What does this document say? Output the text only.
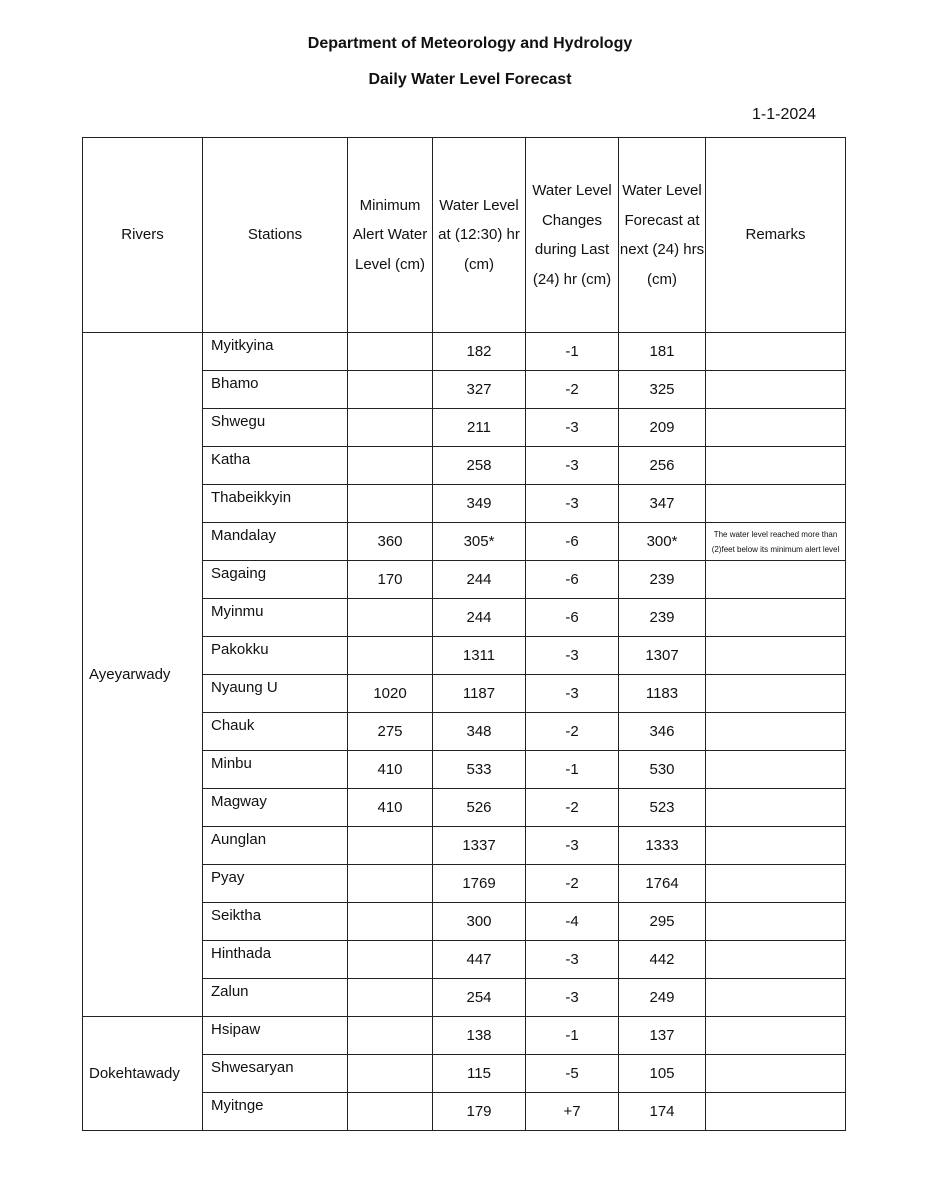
Department of Meteorology and Hydrology
Daily Water Level Forecast
1-1-2024
Rivers	Stations	Minimum Alert Water Level (cm)	Water Level at (12:30) hr (cm)	Water Level Changes during Last (24) hr (cm)	Water Level Forecast at next (24) hrs (cm)	Remarks
Ayeyarwady	Myitkyina		182	-1	181	
	Bhamo		327	-2	325	
	Shwegu		211	-3	209	
	Katha		258	-3	256	
	Thabeikkyin		349	-3	347	
	Mandalay	360	305*	-6	300*	The water level reached more than (2)feet below its minimum alert level
	Sagaing	170	244	-6	239	
	Myinmu		244	-6	239	
	Pakokku		1311	-3	1307	
	Nyaung U	1020	1187	-3	1183	
	Chauk	275	348	-2	346	
	Minbu	410	533	-1	530	
	Magway	410	526	-2	523	
	Aunglan		1337	-3	1333	
	Pyay		1769	-2	1764	
	Seiktha		300	-4	295	
	Hinthada		447	-3	442	
	Zalun		254	-3	249	
Dokehtawady	Hsipaw		138	-1	137	
	Shwesaryan		115	-5	105	
	Myitnge		179	+7	174	
